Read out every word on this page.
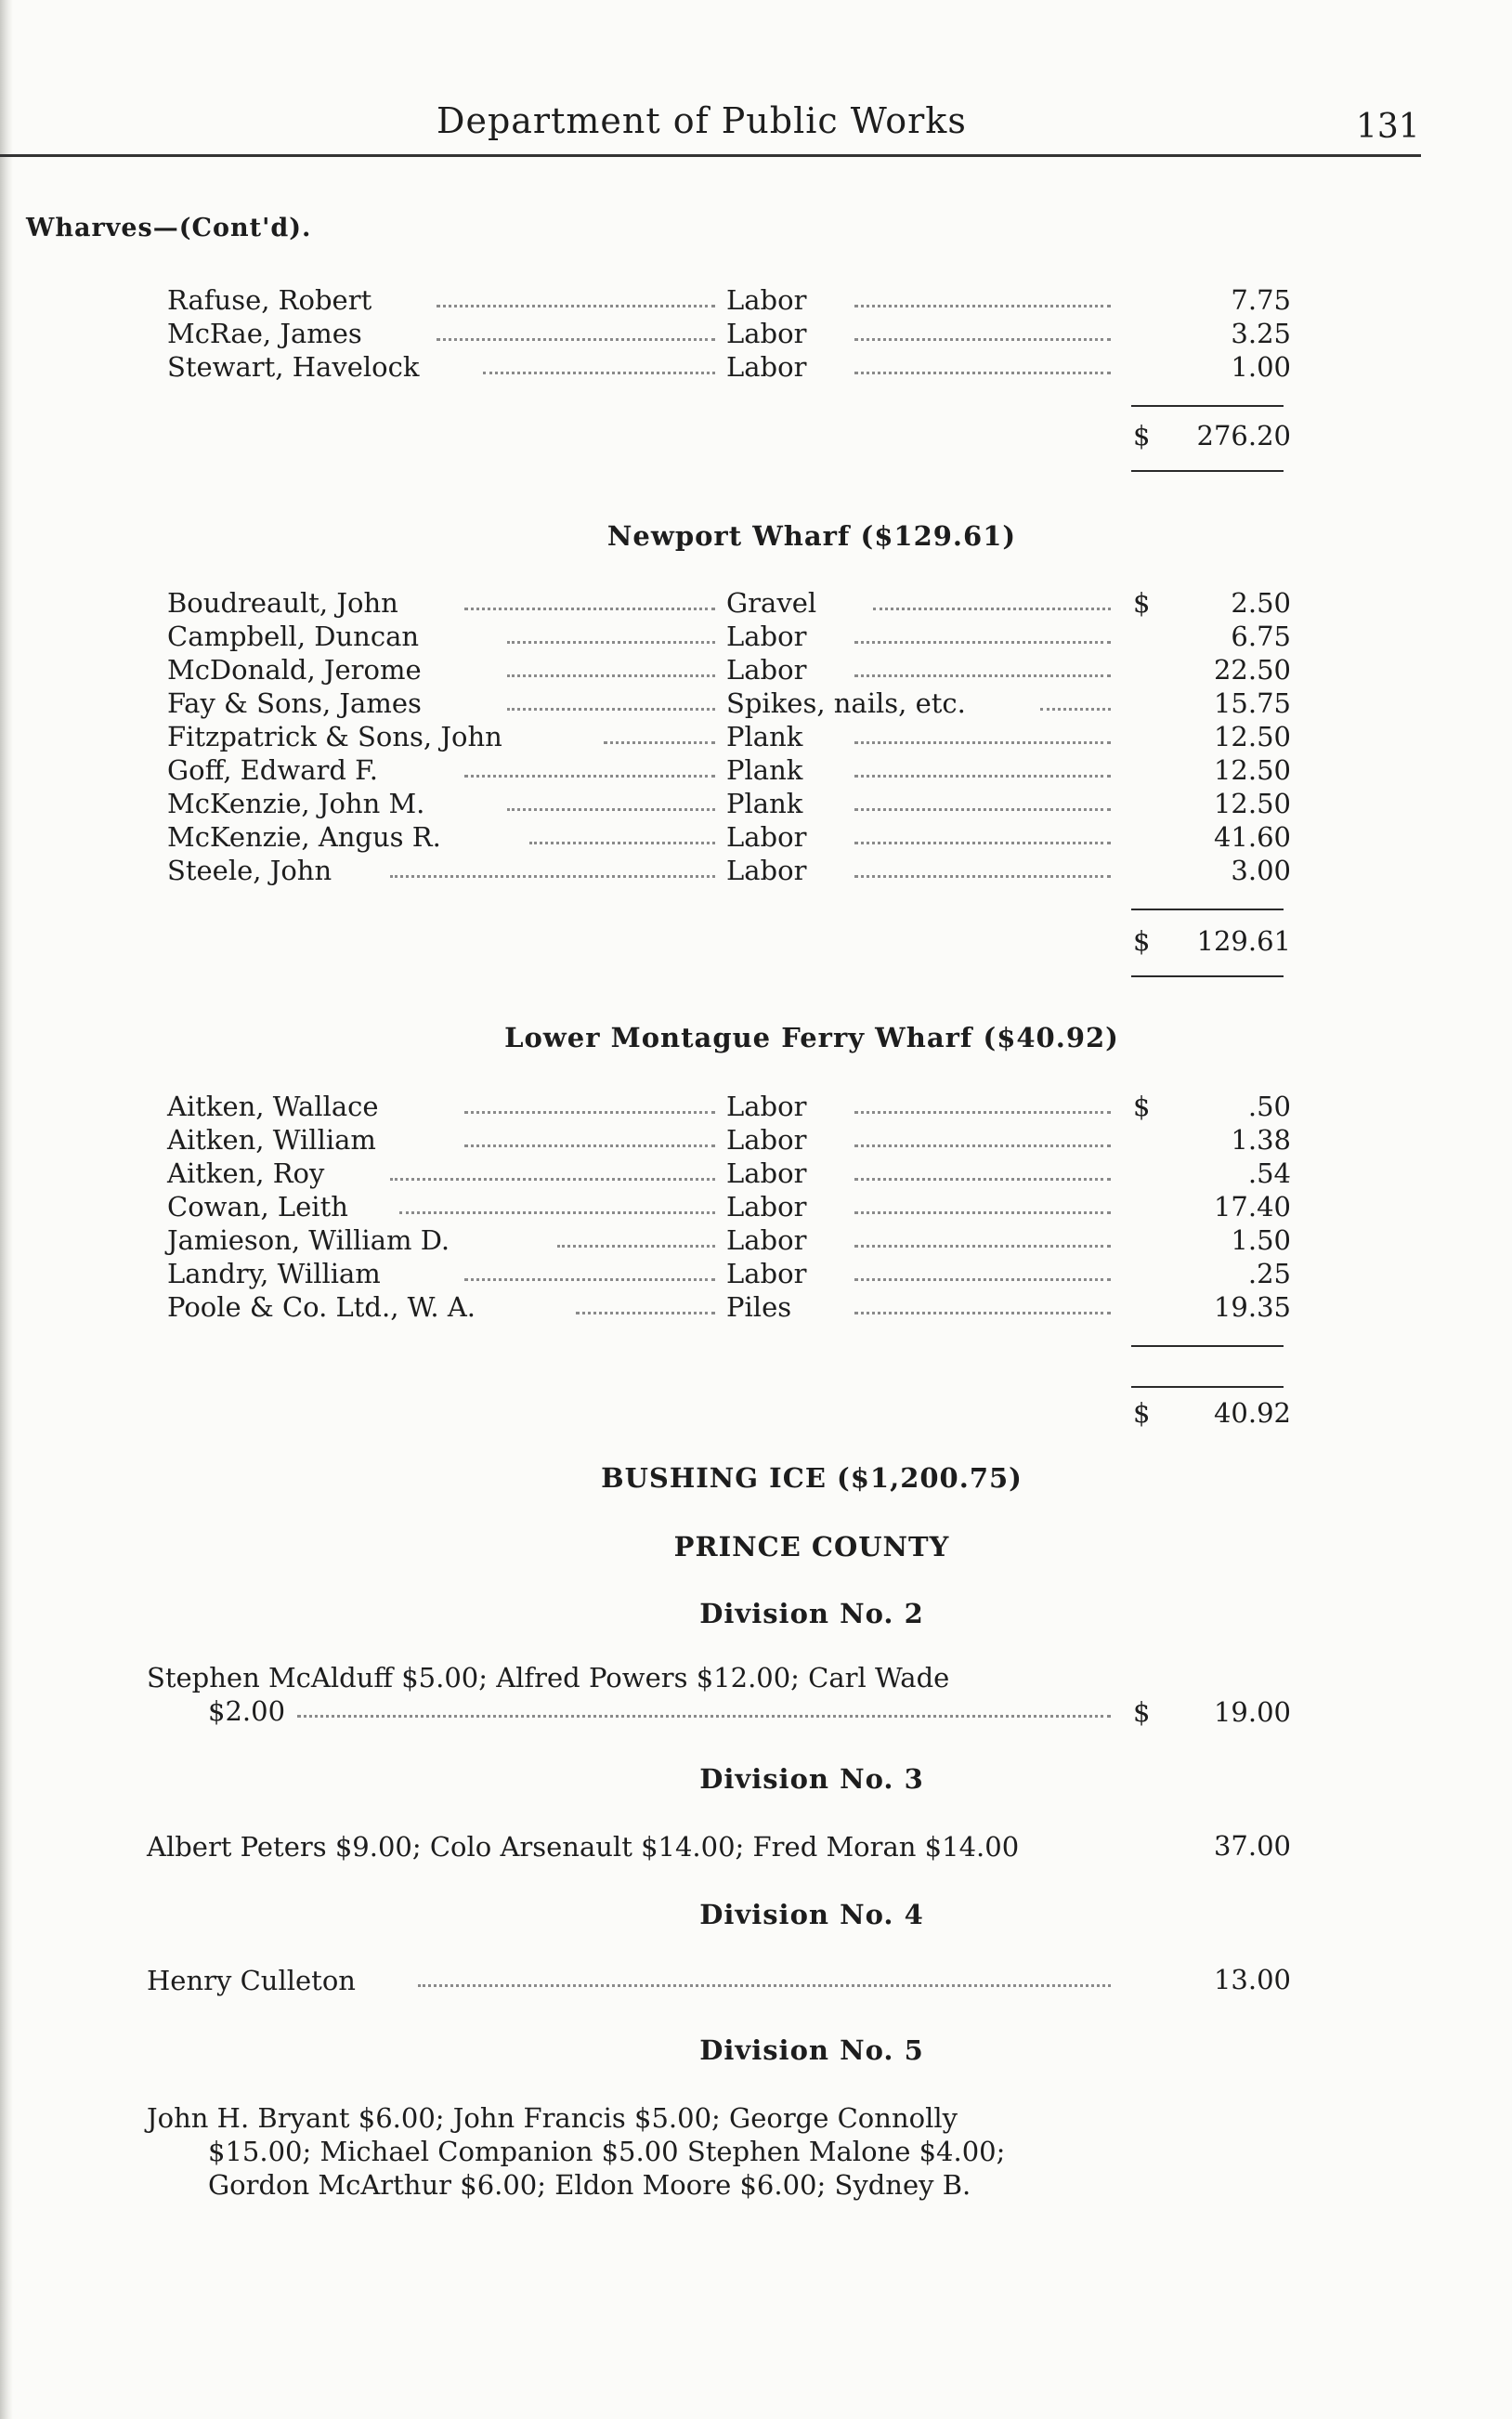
Department of Public Works	131
Wharves—(Cont'd).
Rafuse, Robert	Labor	7.75
McRae, James	Labor	3.25
Stewart, Havelock	Labor	1.00
$ 276.20
Newport Wharf ($129.61)
Boudreault, John	Gravel	$	2.50
Campbell, Duncan	Labor	6.75
McDonald, Jerome	Labor	22.50
Fay & Sons, James	Spikes, nails, etc.	15.75
Fitzpatrick & Sons, John	Plank	12.50
Goff, Edward F.	Plank	12.50
McKenzie, John M.	Plank	12.50
McKenzie, Angus R.	Labor	41.60
Steele, John	Labor	3.00
$ 129.61
Lower Montague Ferry Wharf ($40.92)
Aitken, Wallace	Labor	$	.50
Aitken, William	Labor	1.38
Aitken, Roy	Labor	.54
Cowan, Leith	Labor	17.40
Jamieson, William D.	Labor	1.50
Landry, William	Labor	.25
Poole & Co. Ltd., W. A.	Piles	19.35
$ 40.92
BUSHING ICE ($1,200.75)
PRINCE COUNTY
Division No. 2
Stephen McAlduff $5.00; Alfred Powers $12.00; Carl Wade
$2.00	$ 19.00
Division No. 3
Albert Peters $9.00; Colo Arsenault $14.00; Fred Moran $14.00	37.00
Division No. 4
Henry Culleton	13.00
Division No. 5
John H. Bryant $6.00; John Francis $5.00; George Connolly
$15.00; Michael Companion $5.00 Stephen Malone $4.00;
Gordon McArthur $6.00; Eldon Moore $6.00; Sydney B.
